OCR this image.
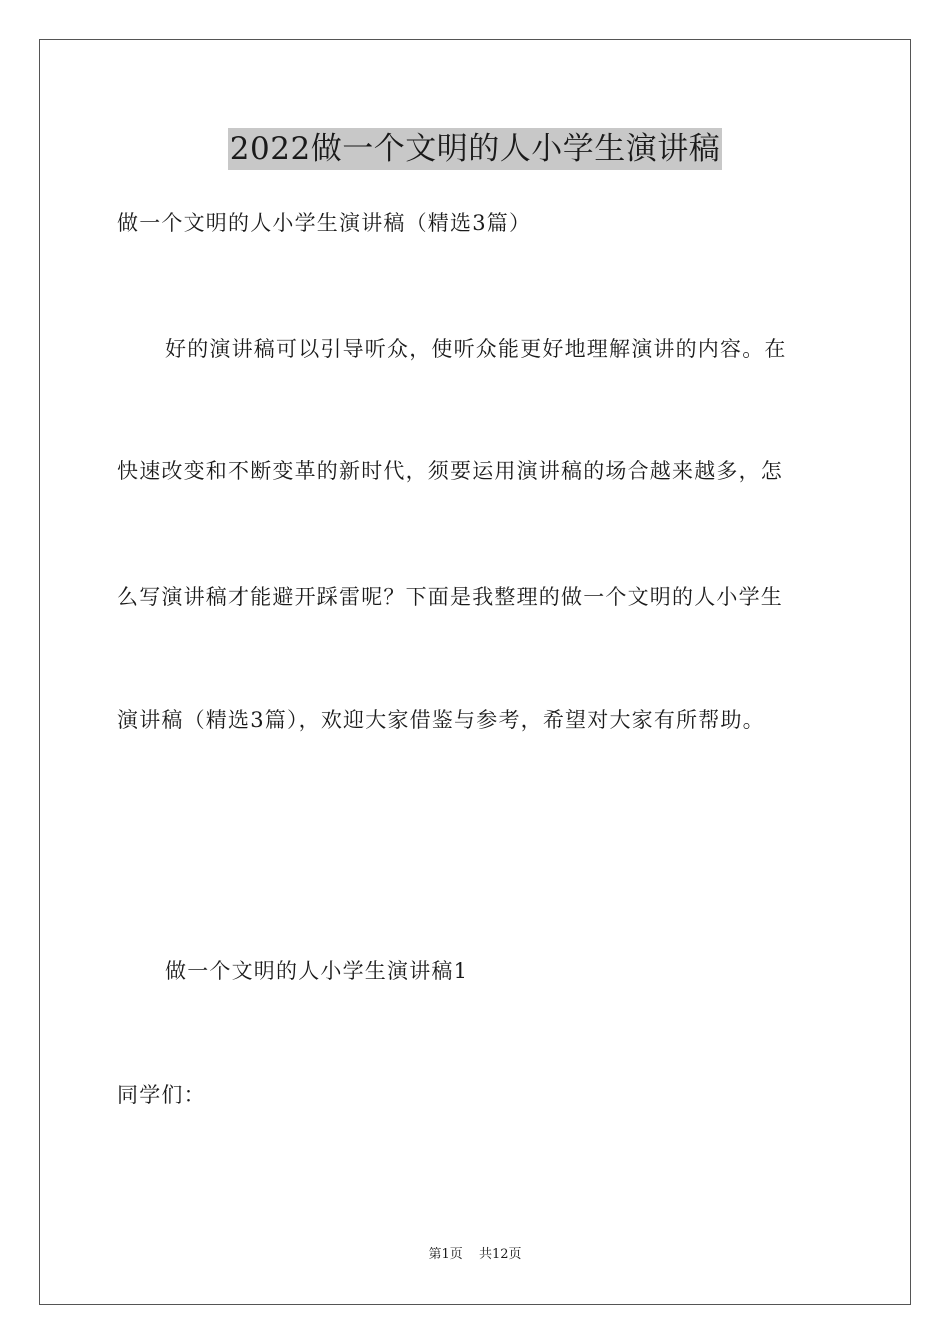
2022做一个文明的人小学生演讲稿
做一个文明的人小学生演讲稿（精选3篇）
好的演讲稿可以引导听众，使听众能更好地理解演讲的内容。在
快速改变和不断变革的新时代，须要运用演讲稿的场合越来越多，怎
么写演讲稿才能避开踩雷呢？下面是我整理的做一个文明的人小学生
演讲稿（精选3篇），欢迎大家借鉴与参考，希望对大家有所帮助。
做一个文明的人小学生演讲稿1
同学们：
第1页 共12页
